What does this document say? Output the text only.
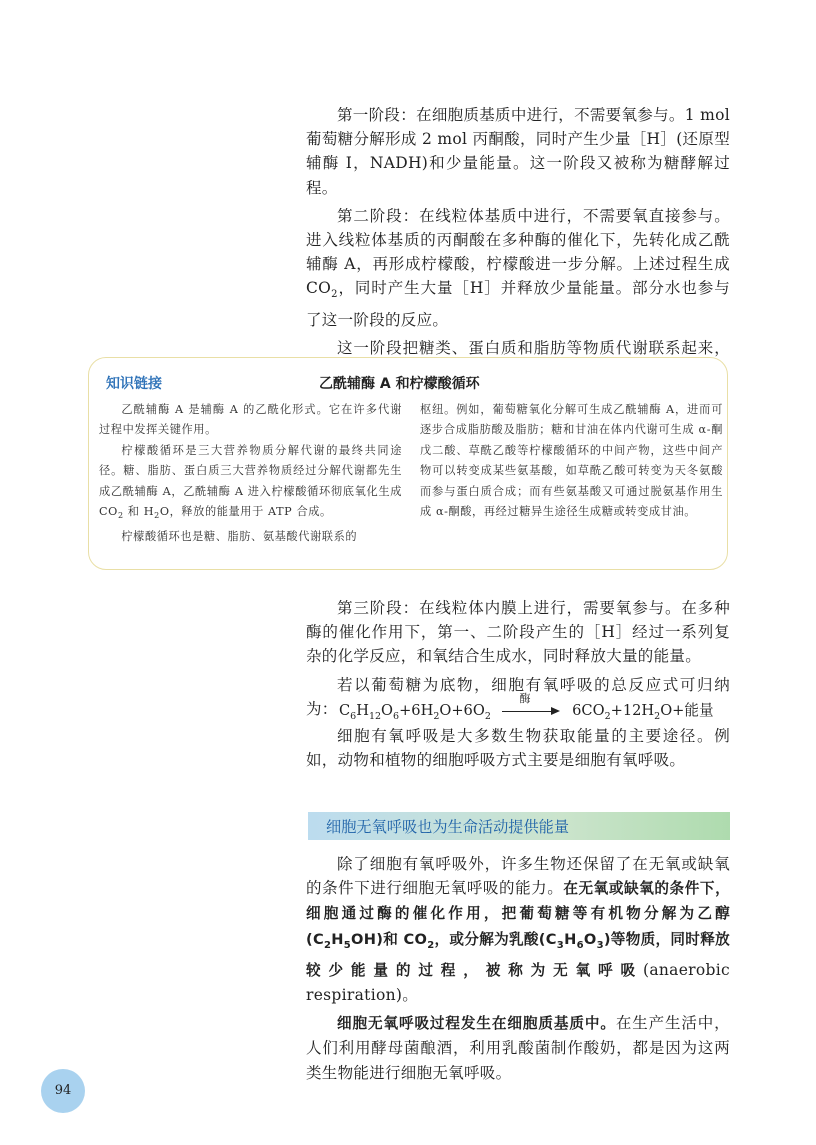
第一阶段：在细胞质基质中进行，不需要氧参与。1 mol 葡萄糖分解形成 2 mol 丙酮酸，同时产生少量［H］(还原型辅酶 Ⅰ，NADH)和少量能量。这一阶段又被称为糖酵解过程。

第二阶段：在线粒体基质中进行，不需要氧直接参与。进入线粒体基质的丙酮酸在多种酶的催化下，先转化成乙酰辅酶 A，再形成柠檬酸，柠檬酸进一步分解。上述过程生成 $CO_2$，同时产生大量［H］并释放少量能量。部分水也参与了这一阶段的反应。

这一阶段把糖类、蛋白质和脂肪等物质代谢联系起来，

知识链接	乙酰辅酶 A 和柠檬酸循环

乙酰辅酶 A 是辅酶 A 的乙酰化形式。它在许多代谢过程中发挥关键作用。

柠檬酸循环是三大营养物质分解代谢的最终共同途径。糖、脂肪、蛋白质三大营养物质经过分解代谢都先生成乙酰辅酶 A，乙酰辅酶 A 进入柠檬酸循环彻底氧化生成 $CO_2$ 和 $H_2O$，释放的能量用于 ATP 合成。

柠檬酸循环也是糖、脂肪、氨基酸代谢联系的

枢纽。例如，葡萄糖氧化分解可生成乙酰辅酶 A，进而可逐步合成脂肪酸及脂肪；糖和甘油在体内代谢可生成 α-酮戊二酸、草酰乙酸等柠檬酸循环的中间产物，这些中间产物可以转变成某些氨基酸，如草酰乙酸可转变为天冬氨酸而参与蛋白质合成；而有些氨基酸又可通过脱氨基作用生成 α-酮酸，再经过糖异生途径生成糖或转变成甘油。

第三阶段：在线粒体内膜上进行，需要氧参与。在多种酶的催化作用下，第一、二阶段产生的［H］经过一系列复杂的化学反应，和氧结合生成水，同时释放大量的能量。

若以葡萄糖为底物，细胞有氧呼吸的总反应式可归纳为： $C_6H_{12}O_6+6H_2O+6O_2$
酶
$6CO_2+12H_2O+$能量

细胞有氧呼吸是大多数生物获取能量的主要途径。例如，动物和植物的细胞呼吸方式主要是细胞有氧呼吸。

细胞无氧呼吸也为生命活动提供能量

除了细胞有氧呼吸外，许多生物还保留了在无氧或缺氧的条件下进行细胞无氧呼吸的能力。在无氧或缺氧的条件下，细胞通过酶的催化作用，把葡萄糖等有机物分解为乙醇$(C_2H_5OH)$和 $CO_2$，或分解为乳酸$(C_3H_6O_3)$等物质，同时释放较少能量的过程，被称为无氧呼吸(anaerobic respiration)。

细胞无氧呼吸过程发生在细胞质基质中。在生产生活中，人们利用酵母菌酿酒，利用乳酸菌制作酸奶，都是因为这两类生物能进行细胞无氧呼吸。

94
